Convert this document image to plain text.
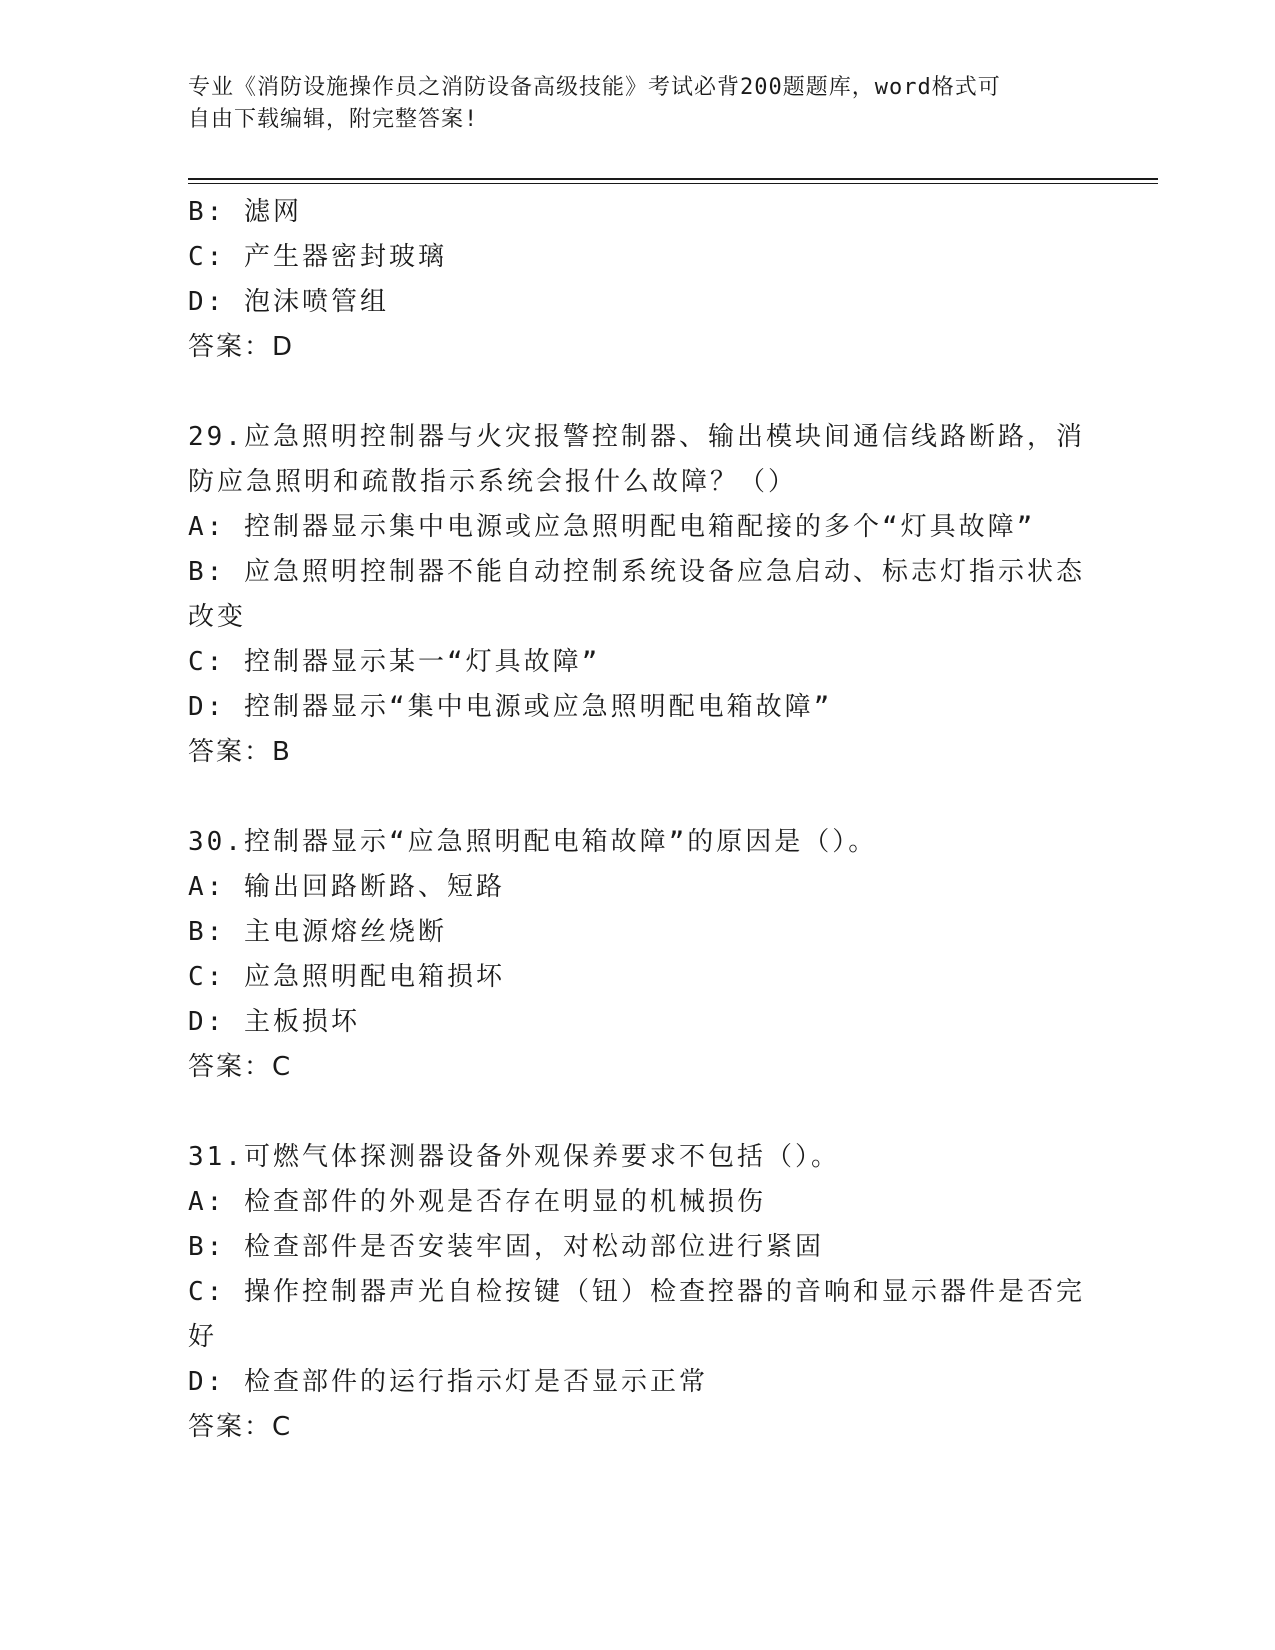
专业《消防设施操作员之消防设备高级技能》考试必背200题题库，word格式可
自由下载编辑，附完整答案!
B: 滤网
C: 产生器密封玻璃
D: 泡沫喷管组
答案：D
29.应急照明控制器与火灾报警控制器、输出模块间通信线路断路，消
防应急照明和疏散指示系统会报什么故障？（）
A: 控制器显示集中电源或应急照明配电箱配接的多个“灯具故障”
B: 应急照明控制器不能自动控制系统设备应急启动、标志灯指示状态
改变
C: 控制器显示某一“灯具故障”
D: 控制器显示“集中电源或应急照明配电箱故障”
答案：B
30.控制器显示“应急照明配电箱故障”的原因是（）。
A: 输出回路断路、短路
B: 主电源熔丝烧断
C: 应急照明配电箱损坏
D: 主板损坏
答案：C
31.可燃气体探测器设备外观保养要求不包括（）。
A: 检查部件的外观是否存在明显的机械损伤
B: 检查部件是否安装牢固，对松动部位进行紧固
C: 操作控制器声光自检按键（钮）检查控器的音响和显示器件是否完
好
D: 检查部件的运行指示灯是否显示正常
答案：C
